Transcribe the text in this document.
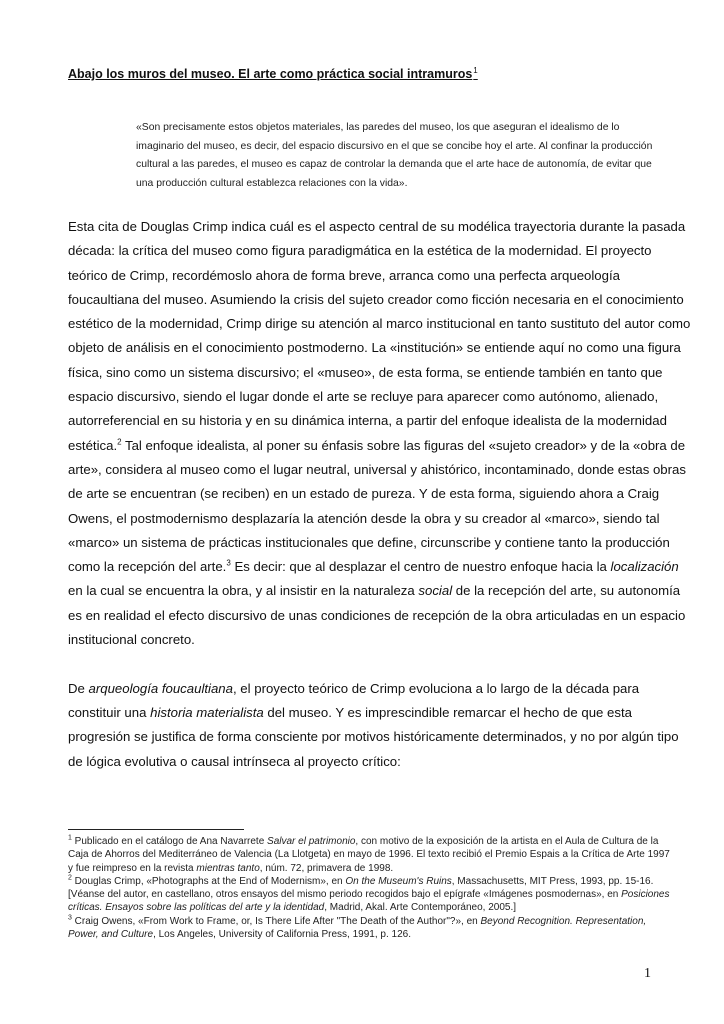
Abajo los muros del museo. El arte como práctica social intramuros$^1$
«Son precisamente estos objetos materiales, las paredes del museo, los que aseguran el idealismo de lo imaginario del museo, es decir, del espacio discursivo en el que se concibe hoy el arte. Al confinar la producción cultural a las paredes, el museo es capaz de controlar la demanda que el arte hace de autonomía, de evitar que una producción cultural establezca relaciones con la vida».

Esta cita de Douglas Crimp indica cuál es el aspecto central de su modélica trayectoria durante la pasada década: la crítica del museo como figura paradigmática en la estética de la modernidad. El proyecto teórico de Crimp, recordémoslo ahora de forma breve, arranca como una perfecta arqueología foucaultiana del museo. Asumiendo la crisis del sujeto creador como ficción necesaria en el conocimiento estético de la modernidad, Crimp dirige su atención al marco institucional en tanto sustituto del autor como objeto de análisis en el conocimiento postmoderno. La «institución» se entiende aquí no como una figura física, sino como un sistema discursivo; el «museo», de esta forma, se entiende también en tanto que espacio discursivo, siendo el lugar donde el arte se recluye para aparecer como autónomo, alienado, autorreferencial en su historia y en su dinámica interna, a partir del enfoque idealista de la modernidad estética.$^2$ Tal enfoque idealista, al poner su énfasis sobre las figuras del «sujeto creador» y de la «obra de arte», considera al museo como el lugar neutral, universal y ahistórico, incontaminado, donde estas obras de arte se encuentran (se reciben) en un estado de pureza. Y de esta forma, siguiendo ahora a Craig Owens, el postmodernismo desplazaría la atención desde la obra y su creador al «marco», siendo tal «marco» un sistema de prácticas institucionales que define, circunscribe y contiene tanto la producción como la recepción del arte.$^3$ Es decir: que al desplazar el centro de nuestro enfoque hacia la localización en la cual se encuentra la obra, y al insistir en la naturaleza social de la recepción del arte, su autonomía es en realidad el efecto discursivo de unas condiciones de recepción de la obra articuladas en un espacio institucional concreto.

De arqueología foucaultiana, el proyecto teórico de Crimp evoluciona a lo largo de la década para constituir una historia materialista del museo. Y es imprescindible remarcar el hecho de que esta progresión se justifica de forma consciente por motivos históricamente determinados, y no por algún tipo de lógica evolutiva o causal intrínseca al proyecto crítico:

$^1$ Publicado en el catálogo de Ana Navarrete Salvar el patrimonio, con motivo de la exposición de la artista en el Aula de Cultura de la Caja de Ahorros del Mediterráneo de Valencia (La Llotgeta) en mayo de 1996. El texto recibió el Premio Espais a la Crítica de Arte 1997 y fue reimpreso en la revista mientras tanto, núm. 72, primavera de 1998.

$^2$ Douglas Crimp, «Photographs at the End of Modernism», en On the Museum's Ruins, Massachusetts, MIT Press, 1993, pp. 15-16. [Véanse del autor, en castellano, otros ensayos del mismo periodo recogidos bajo el epígrafe «Imágenes posmodernas», en Posiciones críticas. Ensayos sobre las políticas del arte y la identidad, Madrid, Akal. Arte Contemporáneo, 2005.]

$^3$ Craig Owens, «From Work to Frame, or, Is There Life After "The Death of the Author"?», en Beyond Recognition. Representation, Power, and Culture, Los Angeles, University of California Press, 1991, p. 126.

1
